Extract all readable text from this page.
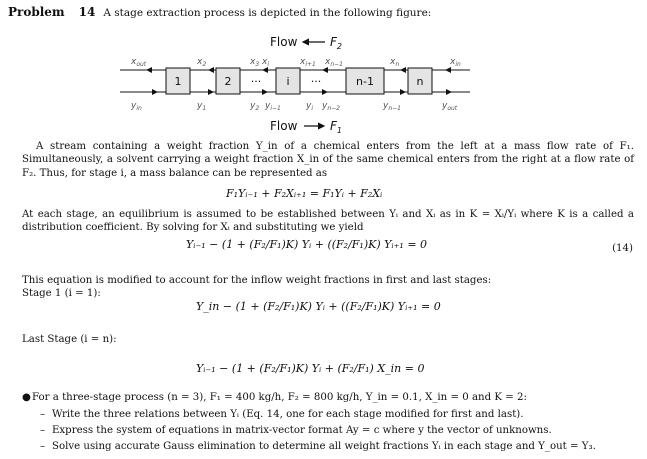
Problem 14 A stage extraction process is depicted in the following figure:
Flow	$F_2$
$x_{out}$	$x_2$	$x_3$ $x_i$	$x_{i+1}$ $x_{n-1}$	$x_n$	$x_{in}$
1	2	i	n-1	n
···	···
$y_{in}$	$y_1$	$y_2$ $y_{i-1}$	$y_i$ $y_{n-2}$	$y_{n-1}$	$y_{out}$
Flow	$F_1$
A stream containing a weight fraction Y_in of a chemical enters from the left at a mass flow rate of F₁. Simultaneously, a solvent carrying a weight fraction X_in of the same chemical enters from the right at a flow rate of F₂. Thus, for stage i, a mass balance can be represented as
F₁Yᵢ₋₁ + F₂Xᵢ₊₁ = F₁Yᵢ + F₂Xᵢ
At each stage, an equilibrium is assumed to be established between Yᵢ and Xᵢ as in K = Xᵢ/Yᵢ where K is a called a distribution coefficient. By solving for Xᵢ and substituting we yield
Yᵢ₋₁ − (1 + (F₂/F₁)K) Yᵢ + ((F₂/F₁)K) Yᵢ₊₁ = 0	(14)
This equation is modified to account for the inflow weight fractions in first and last stages:
Stage 1 (i = 1):
Y_in − (1 + (F₂/F₁)K) Yᵢ + ((F₂/F₁)K) Yᵢ₊₁ = 0
Last Stage (i = n):
Yᵢ₋₁ − (1 + (F₂/F₁)K) Yᵢ + (F₂/F₁) X_in = 0
● For a three-stage process (n = 3), F₁ = 400 kg/h, F₂ = 800 kg/h, Y_in = 0.1, X_in = 0 and K = 2:
– Write the three relations between Yᵢ (Eq. 14, one for each stage modified for first and last).
– Express the system of equations in matrix-vector format Ay = c where y the vector of unknowns.
– Solve using accurate Gauss elimination to determine all weight fractions Yᵢ in each stage and Y_out = Y₃.
